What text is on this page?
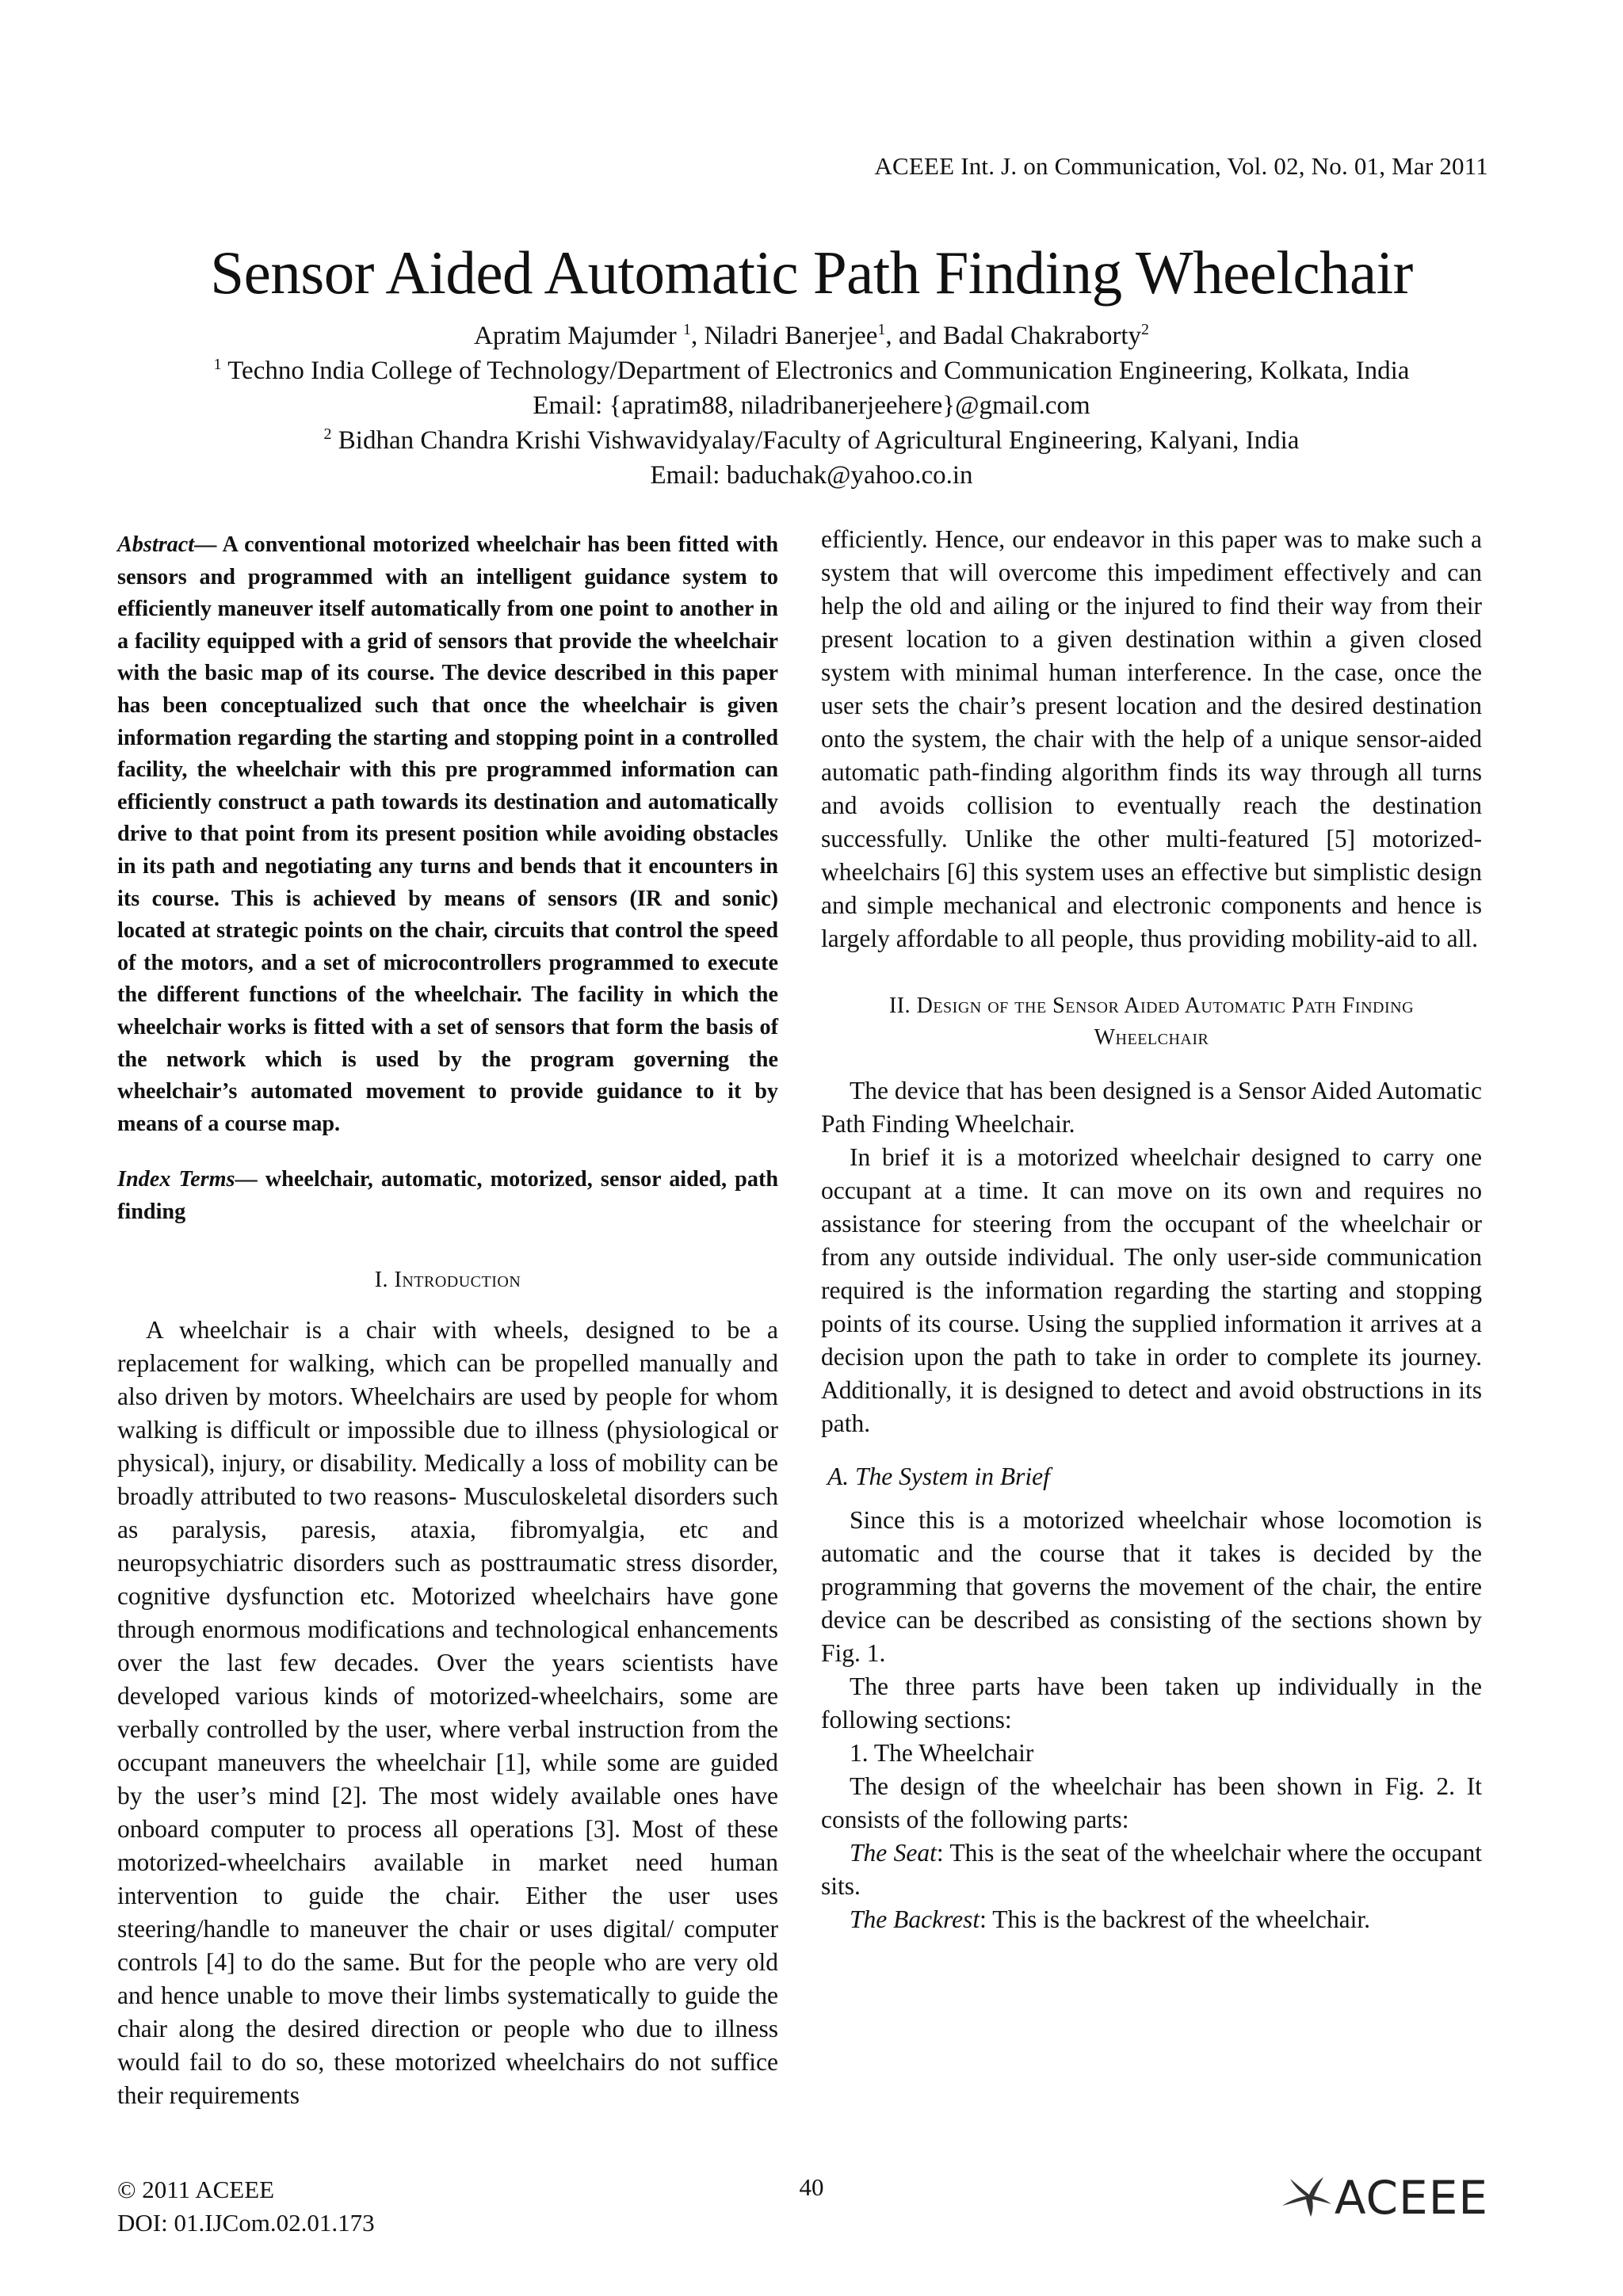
ACEEE Int. J. on Communication, Vol. 02, No. 01, Mar 2011
Sensor Aided Automatic Path Finding Wheelchair
Apratim Majumder $^1$, Niladri Banerjee$^1$, and Badal Chakraborty$^2$
$^1$ Techno India College of Technology/Department of Electronics and Communication Engineering, Kolkata, India
Email: {apratim88, niladribanerjeehere}@gmail.com
$^2$ Bidhan Chandra Krishi Vishwavidyalay/Faculty of Agricultural Engineering, Kalyani, India
Email: baduchak@yahoo.co.in

Abstract— A conventional motorized wheelchair has been fitted with sensors and programmed with an intelligent guidance system to efficiently maneuver itself automatically from one point to another in a facility equipped with a grid of sensors that provide the wheelchair with the basic map of its course. The device described in this paper has been conceptualized such that once the wheelchair is given information regarding the starting and stopping point in a controlled facility, the wheelchair with this pre programmed information can efficiently construct a path towards its destination and automatically drive to that point from its present position while avoiding obstacles in its path and negotiating any turns and bends that it encounters in its course. This is achieved by means of sensors (IR and sonic) located at strategic points on the chair, circuits that control the speed of the motors, and a set of microcontrollers programmed to execute the different functions of the wheelchair. The facility in which the wheelchair works is fitted with a set of sensors that form the basis of the network which is used by the program governing the wheelchair’s automated movement to provide guidance to it by means of a course map.

Index Terms— wheelchair, automatic, motorized, sensor aided, path finding

I. Introduction

A wheelchair is a chair with wheels, designed to be a replacement for walking, which can be propelled manually and also driven by motors. Wheelchairs are used by people for whom walking is difficult or impossible due to illness (physiological or physical), injury, or disability. Medically a loss of mobility can be broadly attributed to two reasons- Musculoskeletal disorders such as paralysis, paresis, ataxia, fibromyalgia, etc and neuropsychiatric disorders such as posttraumatic stress disorder, cognitive dysfunction etc. Motorized wheelchairs have gone through enormous modifications and technological enhancements over the last few decades. Over the years scientists have developed various kinds of motorized-wheelchairs, some are verbally controlled by the user, where verbal instruction from the occupant maneuvers the wheelchair [1], while some are guided by the user’s mind [2]. The most widely available ones have onboard computer to process all operations [3]. Most of these motorized-wheelchairs available in market need human intervention to guide the chair. Either the user uses steering/handle to maneuver the chair or uses digital/ computer controls [4] to do the same. But for the people who are very old and hence unable to move their limbs systematically to guide the chair along the desired direction or people who due to illness would fail to do so, these motorized wheelchairs do not suffice their requirements

efficiently. Hence, our endeavor in this paper was to make such a system that will overcome this impediment effectively and can help the old and ailing or the injured to find their way from their present location to a given destination within a given closed system with minimal human interference. In the case, once the user sets the chair’s present location and the desired destination onto the system, the chair with the help of a unique sensor-aided automatic path-finding algorithm finds its way through all turns and avoids collision to eventually reach the destination successfully. Unlike the other multi-featured [5] motorized-wheelchairs [6] this system uses an effective but simplistic design and simple mechanical and electronic components and hence is largely affordable to all people, thus providing mobility-aid to all.

II. Design of the Sensor Aided Automatic Path Finding
Wheelchair

The device that has been designed is a Sensor Aided Automatic Path Finding Wheelchair.

In brief it is a motorized wheelchair designed to carry one occupant at a time. It can move on its own and requires no assistance for steering from the occupant of the wheelchair or from any outside individual. The only user-side communication required is the information regarding the starting and stopping points of its course. Using the supplied information it arrives at a decision upon the path to take in order to complete its journey. Additionally, it is designed to detect and avoid obstructions in its path.

A. The System in Brief

Since this is a motorized wheelchair whose locomotion is automatic and the course that it takes is decided by the programming that governs the movement of the chair, the entire device can be described as consisting of the sections shown by Fig. 1.

The three parts have been taken up individually in the following sections:

1. The Wheelchair

The design of the wheelchair has been shown in Fig. 2. It consists of the following parts:

The Seat: This is the seat of the wheelchair where the occupant sits.

The Backrest: This is the backrest of the wheelchair.

© 2011 ACEEE
DOI: 01.IJCom.02.01.173
40	ACEEE
